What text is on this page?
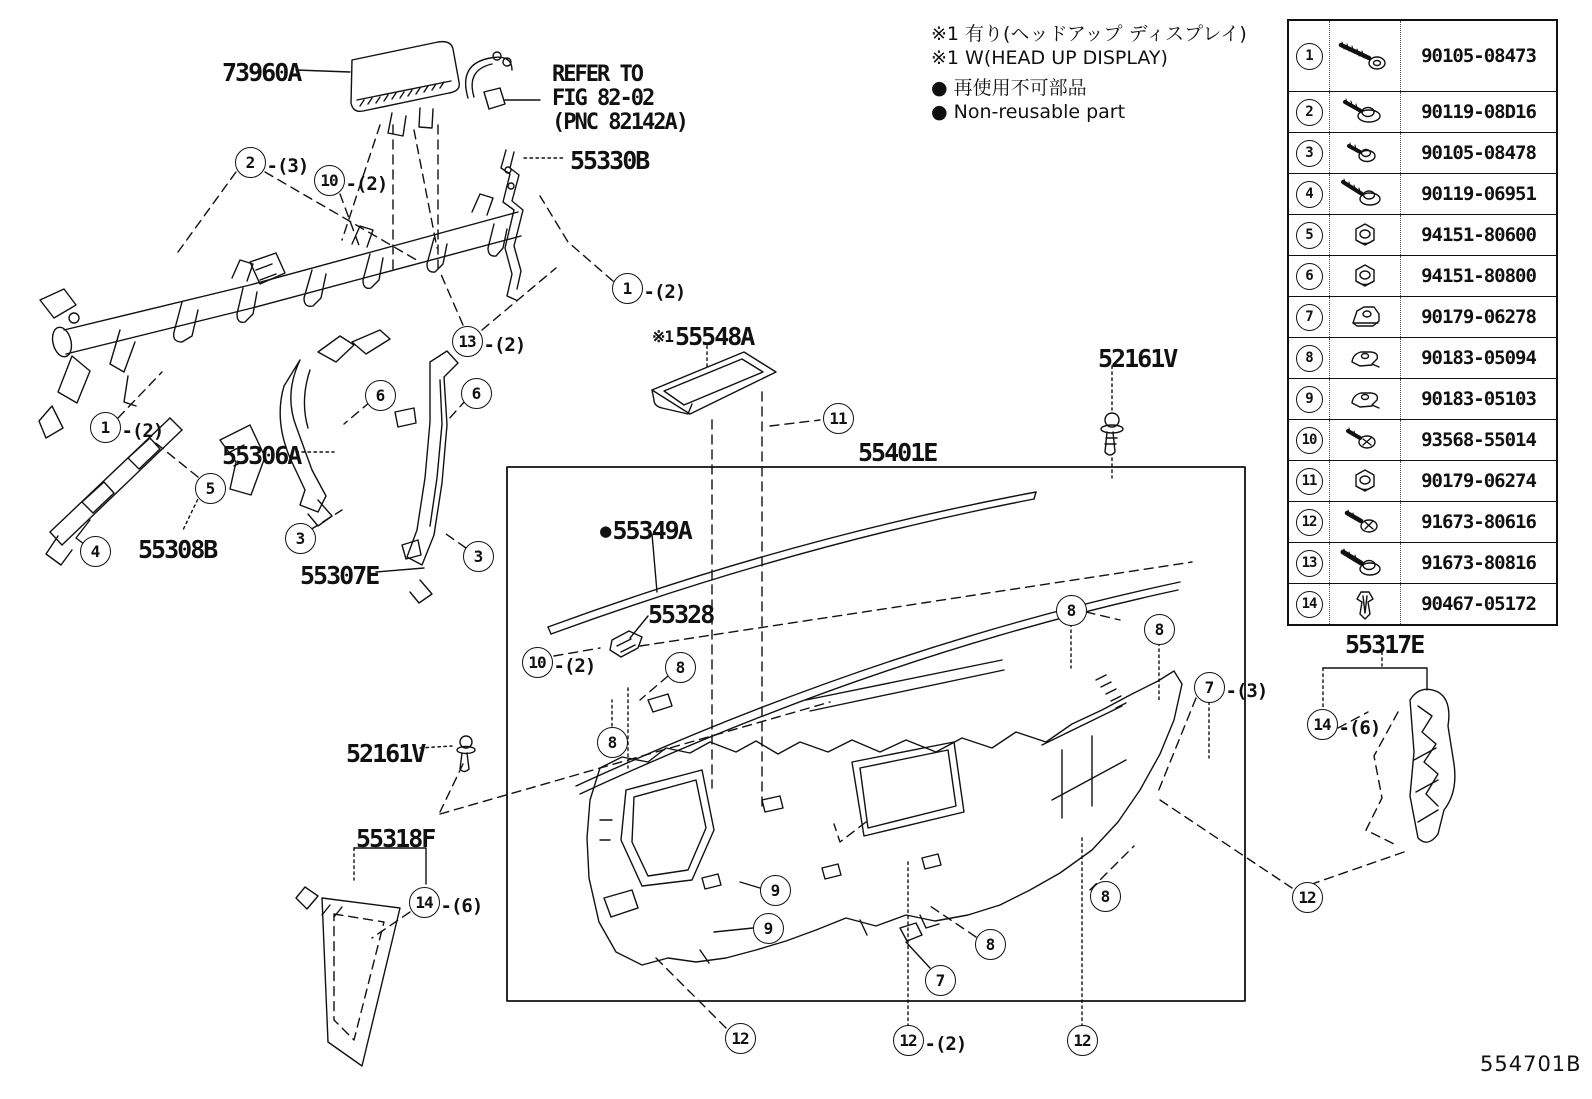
※1 有り(ヘッドアップ ディスプレイ)
※1 W(HEAD UP DISPLAY)
● 再使用不可部品
● Non-reusable part
1	90105-08473
2	90119-08D16
3	90105-08478
4	90119-06951
5	94151-80600
6	94151-80800
7	90179-06278
8	90183-05094
9	90183-05103
10	93568-55014
11	90179-06274
12	91673-80616
13	91673-80816
14	90467-05172
73960A	REFER TO
FIG 82-02
(PNC 82142A)
55330B
55306A
55308B
55307E
※155548A
55401E
52161V
●55349A
55328
52161V
55318F
55317E
2 -(3)
10 -(2)
1 -(2)
13 -(2)
6	6
1 -(2)
5
4
3
3
11
10 -(2)	8
8
8
8
7 -(3)
8
9
9
8
7
12	12 -(2)	12
12
14 -(6)
14 -(6)
554701B
